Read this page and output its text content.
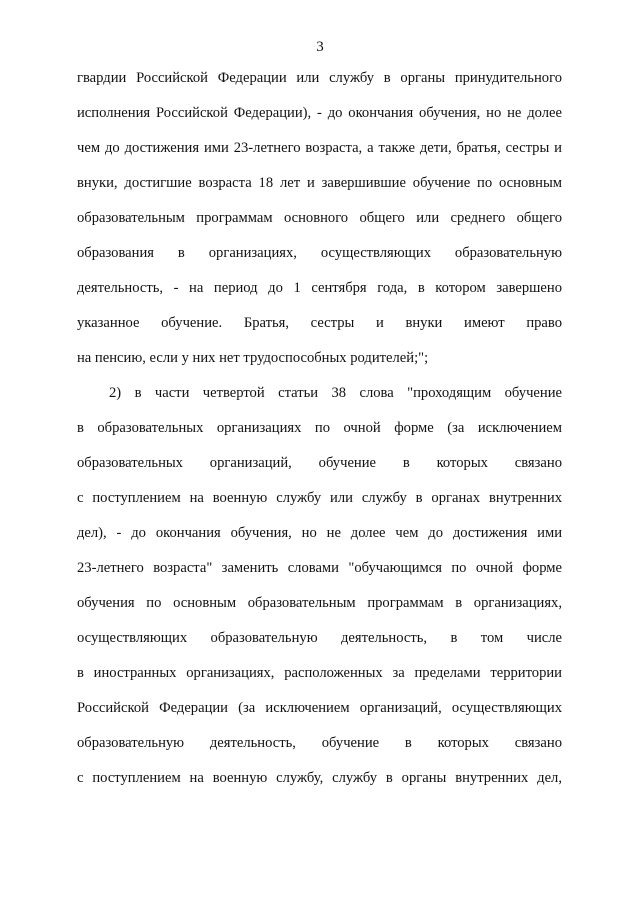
3
гвардии Российской Федерации или службу в органы принудительного
исполнения Российской Федерации), - до окончания обучения, но не долее
чем до достижения ими 23-летнего возраста, а также дети, братья, сестры и
внуки, достигшие возраста 18 лет и завершившие обучение по основным
образовательным программам основного общего или среднего общего
образования в организациях, осуществляющих образовательную
деятельность, - на период до 1 сентября года, в котором завершено
указанное обучение. Братья, сестры и внуки имеют право
на пенсию, если у них нет трудоспособных родителей;";
2) в части четвертой статьи 38 слова "проходящим обучение
в образовательных организациях по очной форме (за исключением
образовательных организаций, обучение в которых связано
с поступлением на военную службу или службу в органах внутренних
дел), - до окончания обучения, но не долее чем до достижения ими
23-летнего возраста" заменить словами "обучающимся по очной форме
обучения по основным образовательным программам в организациях,
осуществляющих образовательную деятельность, в том числе
в иностранных организациях, расположенных за пределами территории
Российской Федерации (за исключением организаций, осуществляющих
образовательную деятельность, обучение в которых связано
с поступлением на военную службу, службу в органы внутренних дел,
